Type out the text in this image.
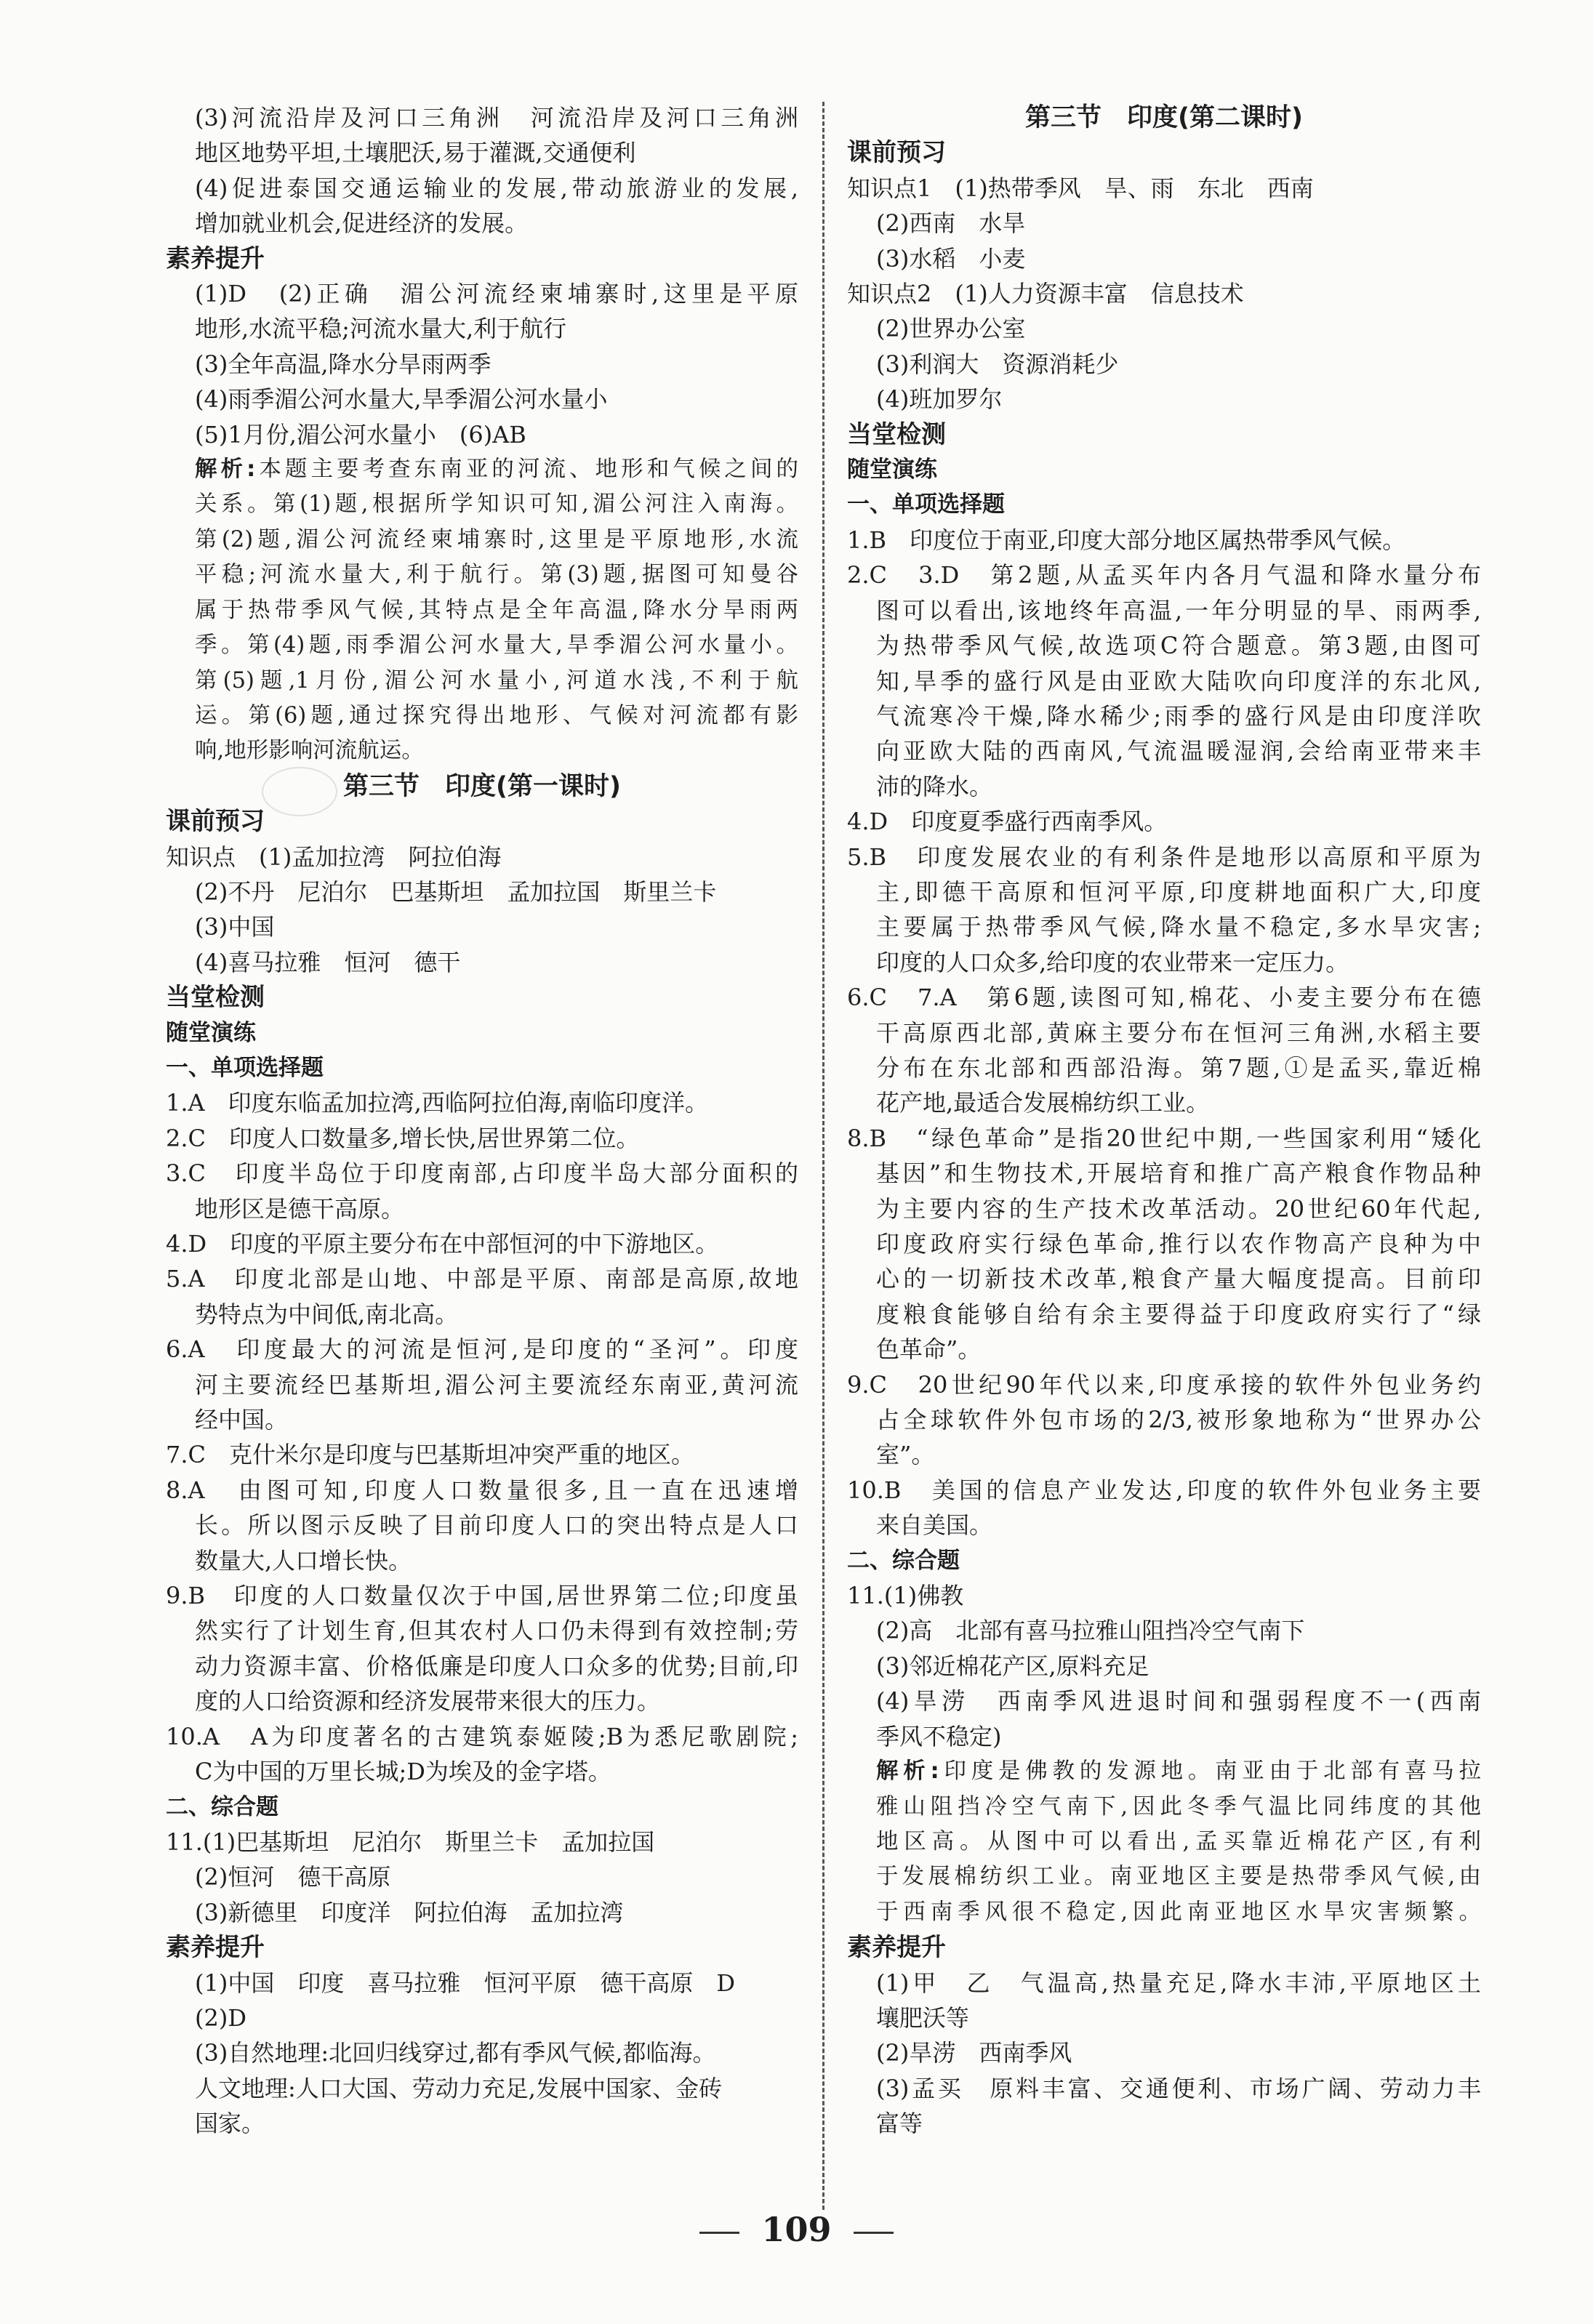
(3)河流沿岸及河口三角洲　河流沿岸及河口三角洲
地区地势平坦,土壤肥沃,易于灌溉,交通便利
(4)促进泰国交通运输业的发展,带动旅游业的发展,
增加就业机会,促进经济的发展。
素养提升
(1)D　(2)正确　湄公河流经柬埔寨时,这里是平原
地形,水流平稳;河流水量大,利于航行
(3)全年高温,降水分旱雨两季
(4)雨季湄公河水量大,旱季湄公河水量小
(5)1月份,湄公河水量小　(6)AB
解析:本题主要考查东南亚的河流、地形和气候之间的
关系。第(1)题,根据所学知识可知,湄公河注入南海。
第(2)题,湄公河流经柬埔寨时,这里是平原地形,水流
平稳;河流水量大,利于航行。第(3)题,据图可知曼谷
属于热带季风气候,其特点是全年高温,降水分旱雨两
季。第(4)题,雨季湄公河水量大,旱季湄公河水量小。
第(5)题,1月份,湄公河水量小,河道水浅,不利于航
运。第(6)题,通过探究得出地形、气候对河流都有影
响,地形影响河流航运。
第三节　印度(第一课时)
课前预习
知识点　(1)孟加拉湾　阿拉伯海
(2)不丹　尼泊尔　巴基斯坦　孟加拉国　斯里兰卡
(3)中国
(4)喜马拉雅　恒河　德干
当堂检测
随堂演练
一、单项选择题
1.A　印度东临孟加拉湾,西临阿拉伯海,南临印度洋。
2.C　印度人口数量多,增长快,居世界第二位。
3.C　印度半岛位于印度南部,占印度半岛大部分面积的
地形区是德干高原。
4.D　印度的平原主要分布在中部恒河的中下游地区。
5.A　印度北部是山地、中部是平原、南部是高原,故地
势特点为中间低,南北高。
6.A　印度最大的河流是恒河,是印度的“圣河”。印度
河主要流经巴基斯坦,湄公河主要流经东南亚,黄河流
经中国。
7.C　克什米尔是印度与巴基斯坦冲突严重的地区。
8.A　由图可知,印度人口数量很多,且一直在迅速增
长。所以图示反映了目前印度人口的突出特点是人口
数量大,人口增长快。
9.B　印度的人口数量仅次于中国,居世界第二位;印度虽
然实行了计划生育,但其农村人口仍未得到有效控制;劳
动力资源丰富、价格低廉是印度人口众多的优势;目前,印
度的人口给资源和经济发展带来很大的压力。
10.A　A为印度著名的古建筑泰姬陵;B为悉尼歌剧院;
C为中国的万里长城;D为埃及的金字塔。
二、综合题
11.(1)巴基斯坦　尼泊尔　斯里兰卡　孟加拉国
(2)恒河　德干高原
(3)新德里　印度洋　阿拉伯海　孟加拉湾
素养提升
(1)中国　印度　喜马拉雅　恒河平原　德干高原　D
(2)D
(3)自然地理:北回归线穿过,都有季风气候,都临海。
人文地理:人口大国、劳动力充足,发展中国家、金砖
国家。
第三节　印度(第二课时)
课前预习
知识点1　(1)热带季风　旱、雨　东北　西南
(2)西南　水旱
(3)水稻　小麦
知识点2　(1)人力资源丰富　信息技术
(2)世界办公室
(3)利润大　资源消耗少
(4)班加罗尔
当堂检测
随堂演练
一、单项选择题
1.B　印度位于南亚,印度大部分地区属热带季风气候。
2.C　3.D　第2题,从孟买年内各月气温和降水量分布
图可以看出,该地终年高温,一年分明显的旱、雨两季,
为热带季风气候,故选项C符合题意。第3题,由图可
知,旱季的盛行风是由亚欧大陆吹向印度洋的东北风,
气流寒冷干燥,降水稀少;雨季的盛行风是由印度洋吹
向亚欧大陆的西南风,气流温暖湿润,会给南亚带来丰
沛的降水。
4.D　印度夏季盛行西南季风。
5.B　印度发展农业的有利条件是地形以高原和平原为
主,即德干高原和恒河平原,印度耕地面积广大,印度
主要属于热带季风气候,降水量不稳定,多水旱灾害;
印度的人口众多,给印度的农业带来一定压力。
6.C　7.A　第6题,读图可知,棉花、小麦主要分布在德
干高原西北部,黄麻主要分布在恒河三角洲,水稻主要
分布在东北部和西部沿海。第7题,①是孟买,靠近棉
花产地,最适合发展棉纺织工业。
8.B　“绿色革命”是指20世纪中期,一些国家利用“矮化
基因”和生物技术,开展培育和推广高产粮食作物品种
为主要内容的生产技术改革活动。20世纪60年代起,
印度政府实行绿色革命,推行以农作物高产良种为中
心的一切新技术改革,粮食产量大幅度提高。目前印
度粮食能够自给有余主要得益于印度政府实行了“绿
色革命”。
9.C　20世纪90年代以来,印度承接的软件外包业务约
占全球软件外包市场的2/3,被形象地称为“世界办公
室”。
10.B　美国的信息产业发达,印度的软件外包业务主要
来自美国。
二、综合题
11.(1)佛教
(2)高　北部有喜马拉雅山阻挡冷空气南下
(3)邻近棉花产区,原料充足
(4)旱涝　西南季风进退时间和强弱程度不一(西南
季风不稳定)
解析:印度是佛教的发源地。南亚由于北部有喜马拉
雅山阻挡冷空气南下,因此冬季气温比同纬度的其他
地区高。从图中可以看出,孟买靠近棉花产区,有利
于发展棉纺织工业。南亚地区主要是热带季风气候,由
于西南季风很不稳定,因此南亚地区水旱灾害频繁。
素养提升
(1)甲　乙　气温高,热量充足,降水丰沛,平原地区土
壤肥沃等
(2)旱涝　西南季风
(3)孟买　原料丰富、交通便利、市场广阔、劳动力丰
富等
109
